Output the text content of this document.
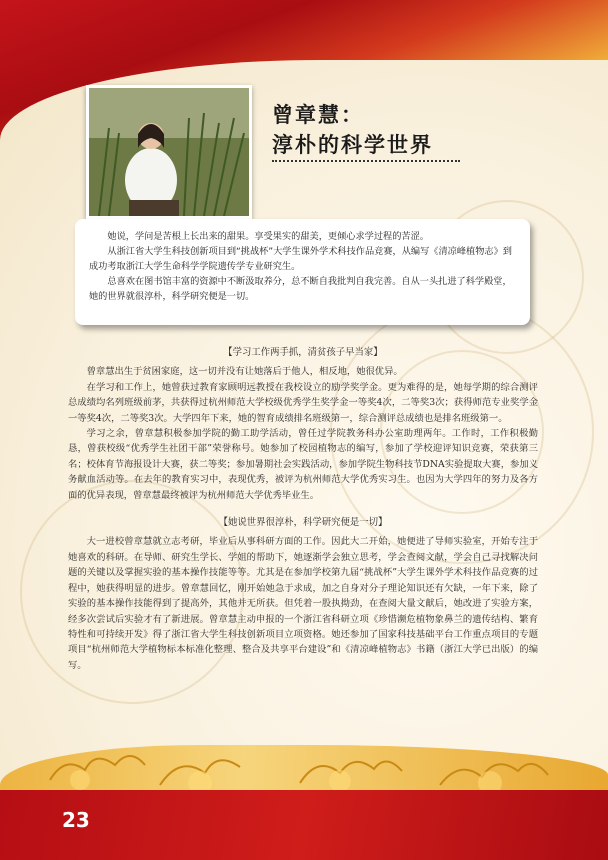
23
曾章慧：
淳朴的科学世界

她说，学问是苦根上长出来的甜果。享受果实的甜美，更倾心求学过程的苦涩。

从浙江省大学生科技创新项目到“挑战杯”大学生课外学术科技作品竞赛，从编写《清凉峰植物志》到成功考取浙江大学生命科学学院遗传学专业研究生。

总喜欢在图书馆丰富的资源中不断汲取养分，总不断自我批判自我完善。自从一头扎进了科学殿堂，她的世界就很淳朴，科学研究便是一切。

【学习工作两手抓，清贫孩子早当家】

曾章慧出生于贫困家庭，这一切并没有让她落后于他人，相反地，她很优异。

在学习和工作上，她曾获过教育家顾明远教授在我校设立的励学奖学金。更为难得的是，她每学期的综合测评总成绩均名列班级前茅，共获得过杭州师范大学校级优秀学生奖学金一等奖4次，二等奖3次；获得师范专业奖学金一等奖4次，二等奖3次。大学四年下来，她的智育成绩排名班级第一，综合测评总成绩也是排名班级第一。

学习之余，曾章慧积极参加学院的勤工助学活动，曾任过学院教务科办公室助理两年。工作时，工作积极勤恳，曾获校级“优秀学生社团干部”荣誉称号。她参加了校园植物志的编写，参加了学校迎评知识竞赛，荣获第三名；校体育节海报设计大赛，获二等奖；参加暑期社会实践活动，参加学院生物科技节DNA实验提取大赛，参加义务献血活动等。在去年的教育实习中，表现优秀，被评为杭州师范大学优秀实习生。也因为大学四年的努力及各方面的优异表现，曾章慧最终被评为杭州师范大学优秀毕业生。

【她说世界很淳朴，科学研究便是一切】

大一进校曾章慧就立志考研，毕业后从事科研方面的工作。因此大二开始，她便进了导师实验室，开始专注于她喜欢的科研。在导师、研究生学长、学姐的帮助下，她逐渐学会独立思考，学会查阅文献，学会自己寻找解决问题的关键以及掌握实验的基本操作技能等等。尤其是在参加学校第九届“挑战杯”大学生课外学术科技作品竞赛的过程中，她获得明显的进步。曾章慧回忆，刚开始她急于求成，加之自身对分子理论知识还有欠缺，一年下来，除了实验的基本操作技能得到了提高外，其他并无所获。但凭着一股执拗劲，在查阅大量文献后，她改进了实验方案，经多次尝试后实验才有了新进展。曾章慧主动申报的一个浙江省科研立项《珍惜濒危植物象鼻兰的遗传结构、繁育特性和可持续开发》得了浙江省大学生科技创新项目立项资格。她还参加了国家科技基础平台工作重点项目的专题项目“杭州师范大学植物标本标准化整理、整合及共享平台建设”和《清凉峰植物志》书籍（浙江大学已出版）的编写。
